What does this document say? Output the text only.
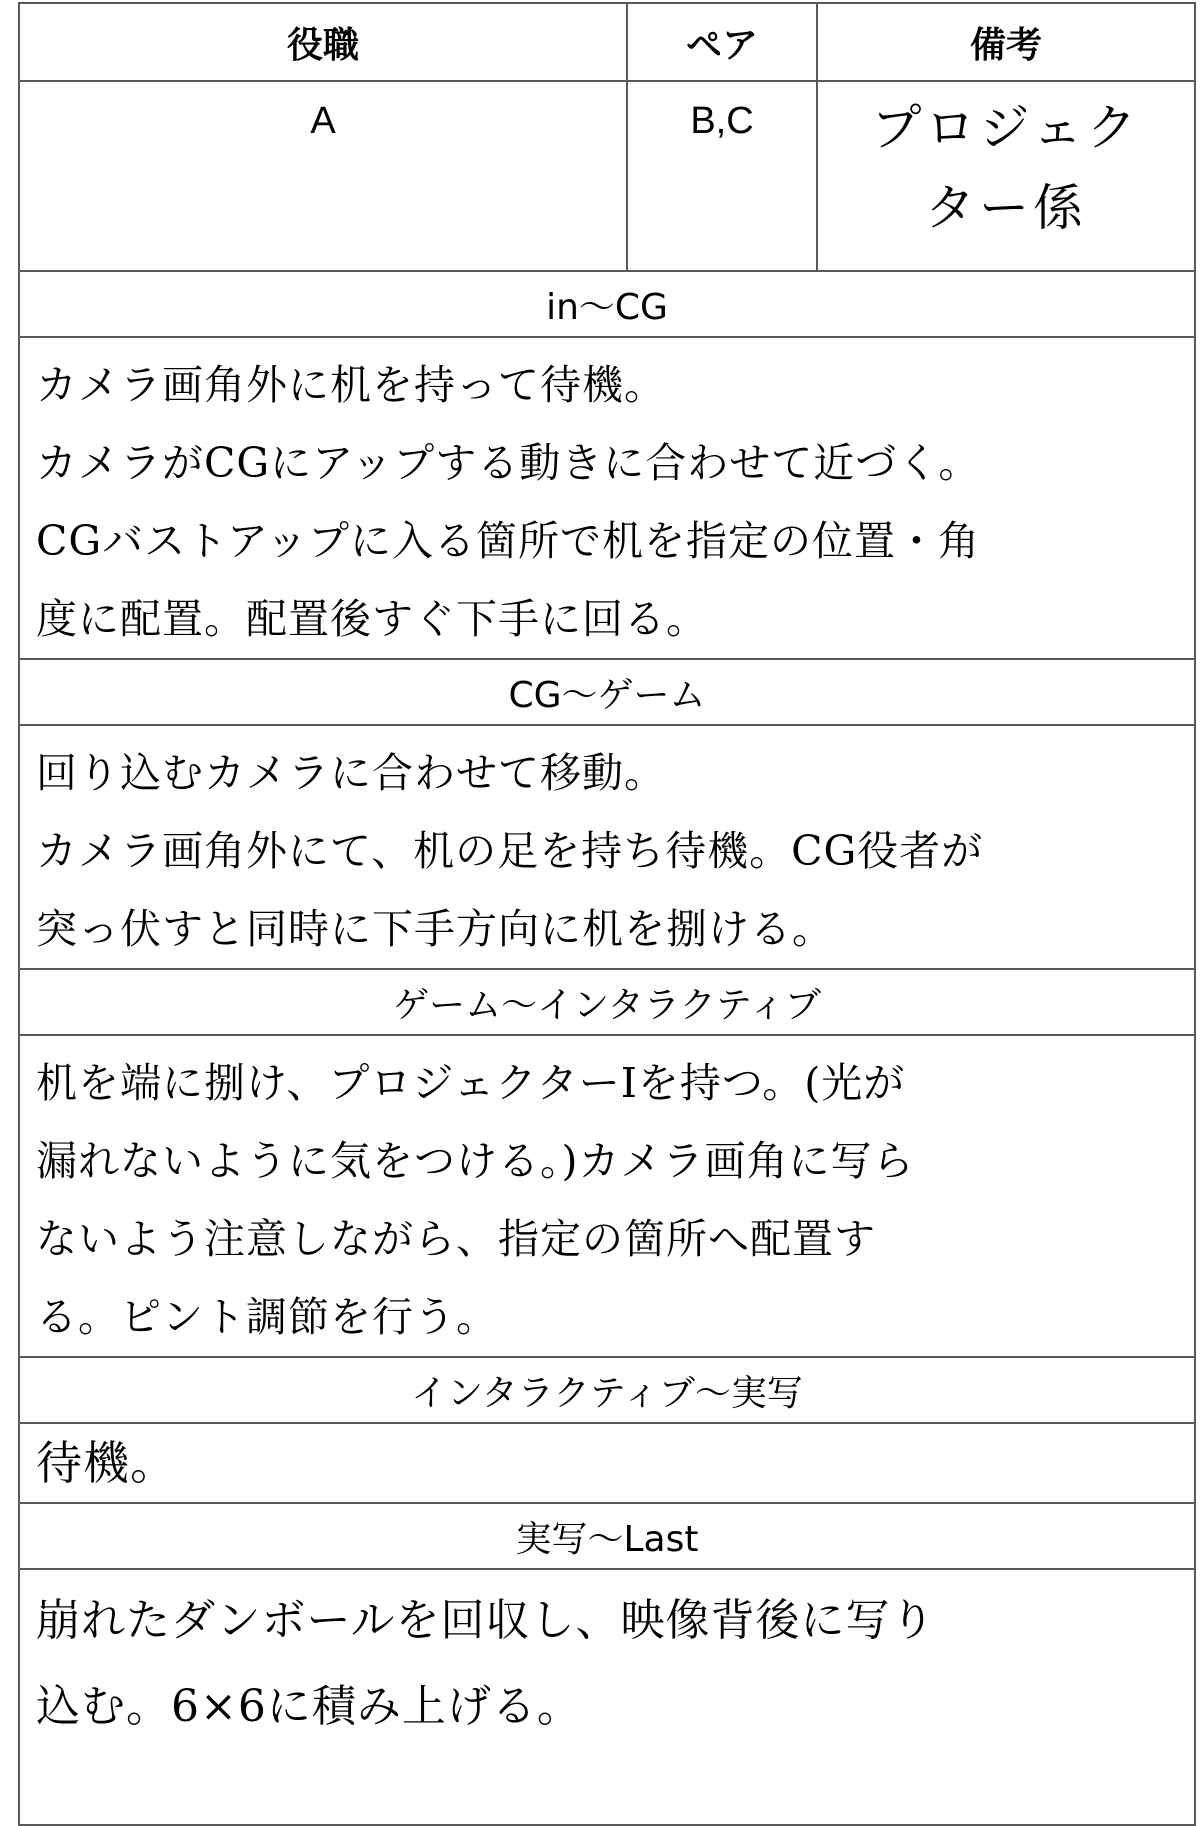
役職	ペア	備考
A	B,C	プロジェク
ター係

in～CG		

カメラ画角外に机を持って待機。
カメラがCGにアップする動きに合わせて近づく。
CGバストアップに入る箇所で机を指定の位置・角
度に配置。配置後すぐ下手に回る。		

CG～ゲーム		

回り込むカメラに合わせて移動。
カメラ画角外にて、机の足を持ち待機。CG役者が
突っ伏すと同時に下手方向に机を捌ける。		

ゲーム～インタラクティブ		

机を端に捌け、プロジェクターⅠを持つ。(光が
漏れないように気をつける。)カメラ画角に写ら
ないよう注意しながら、指定の箇所へ配置す
る。ピント調節を行う。		

インタラクティブ～実写		

待機。		

実写～Last		

崩れたダンボールを回収し、映像背後に写り
込む。6×6に積み上げる。		
